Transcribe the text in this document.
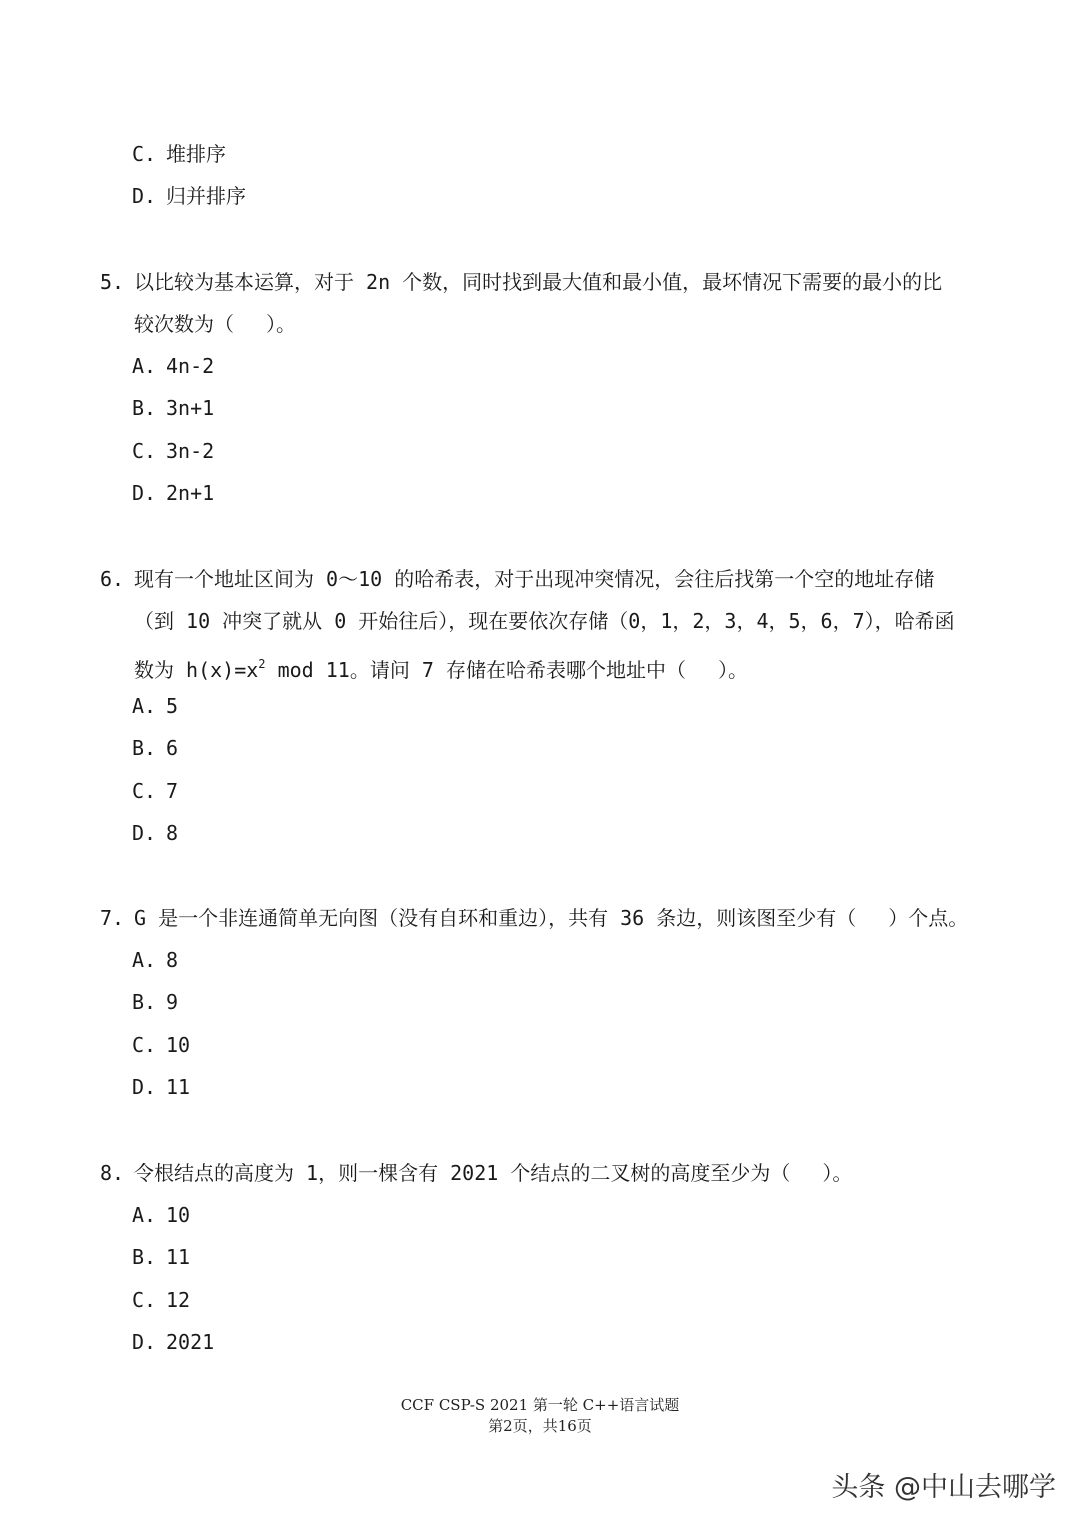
C. 堆排序
D. 归并排序
5. 以比较为基本运算，对于 2n 个数，同时找到最大值和最小值，最坏情况下需要的最小的比
较次数为（　 ）。
A. 4n-2
B. 3n+1
C. 3n-2
D. 2n+1
6. 现有一个地址区间为 0～10 的哈希表，对于出现冲突情况，会往后找第一个空的地址存储
（到 10 冲突了就从 0 开始往后），现在要依次存储（0，1，2，3，4，5，6，7），哈希函
数为 $h(x)=x^2$ mod 11。请问 7 存储在哈希表哪个地址中（　 ）。
A. 5
B. 6
C. 7
D. 8
7. G 是一个非连通简单无向图（没有自环和重边），共有 36 条边，则该图至少有（　 ）个点。
A. 8
B. 9
C. 10
D. 11
8. 令根结点的高度为 1，则一棵含有 2021 个结点的二叉树的高度至少为（　 ）。
A. 10
B. 11
C. 12
D. 2021
CCF CSP-S 2021 第一轮 C++语言试题
第2页，共16页
头条 @中山去哪学
